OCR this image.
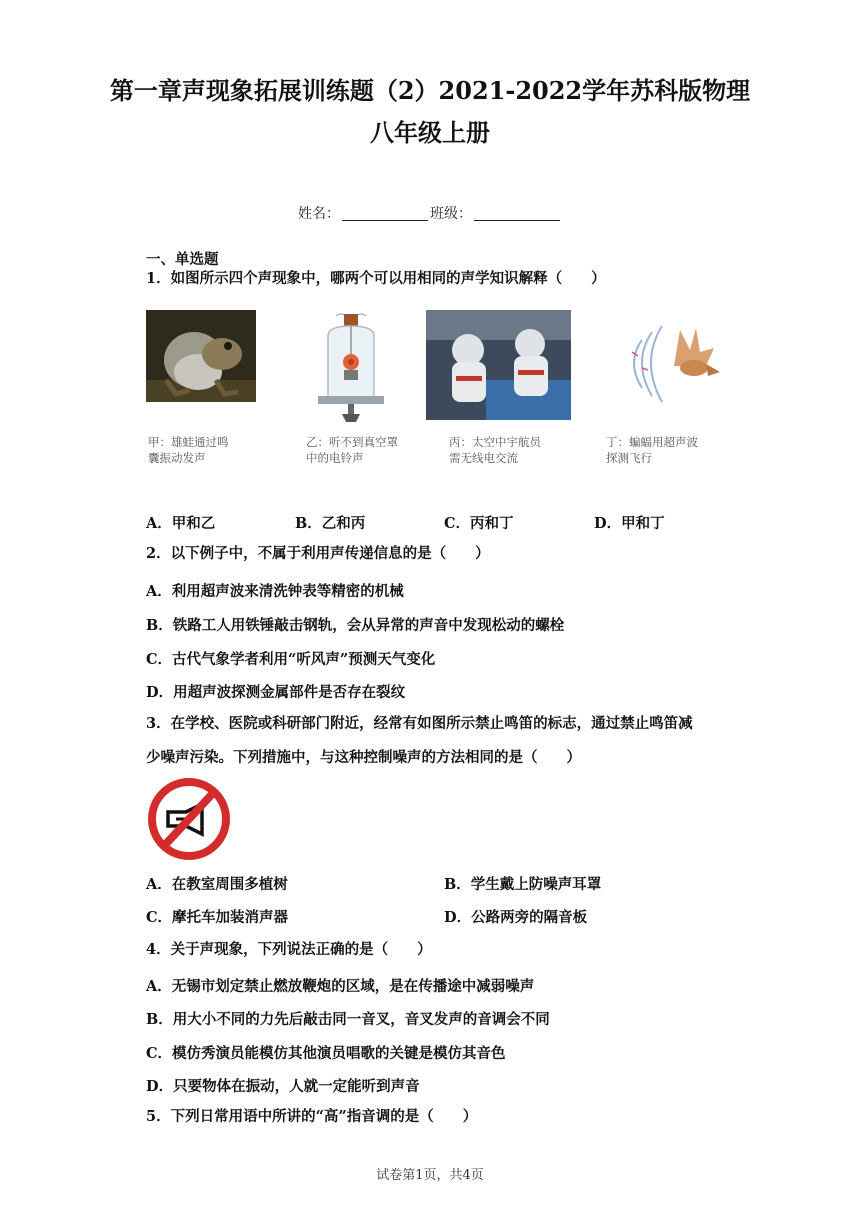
第一章声现象拓展训练题（2）2021-2022学年苏科版物理
八年级上册
姓名：	班级：
一、单选题
1．如图所示四个声现象中，哪两个可以用相同的声学知识解释（　　）
甲：雄蛙通过鸣
囊振动发声
乙：听不到真空罩
中的电铃声
丙：太空中宇航员
需无线电交流
丁：蝙蝠用超声波
探测飞行
A．甲和乙	B．乙和丙	C．丙和丁	D．甲和丁
2．以下例子中，不属于利用声传递信息的是（　　）
A．利用超声波来清洗钟表等精密的机械
B．铁路工人用铁锤敲击钢轨，会从异常的声音中发现松动的螺栓
C．古代气象学者利用“听风声”预测天气变化
D．用超声波探测金属部件是否存在裂纹
3．在学校、医院或科研部门附近，经常有如图所示禁止鸣笛的标志，通过禁止鸣笛减
少噪声污染。下列措施中，与这种控制噪声的方法相同的是（　　）
A．在教室周围多植树	B．学生戴上防噪声耳罩
C．摩托车加装消声器	D．公路两旁的隔音板
4．关于声现象，下列说法正确的是（　　）
A．无锡市划定禁止燃放鞭炮的区域，是在传播途中减弱噪声
B．用大小不同的力先后敲击同一音叉，音叉发声的音调会不同
C．模仿秀演员能模仿其他演员唱歌的关键是模仿其音色
D．只要物体在振动，人就一定能听到声音
5．下列日常用语中所讲的“高”指音调的是（　　）
试卷第1页，共4页
